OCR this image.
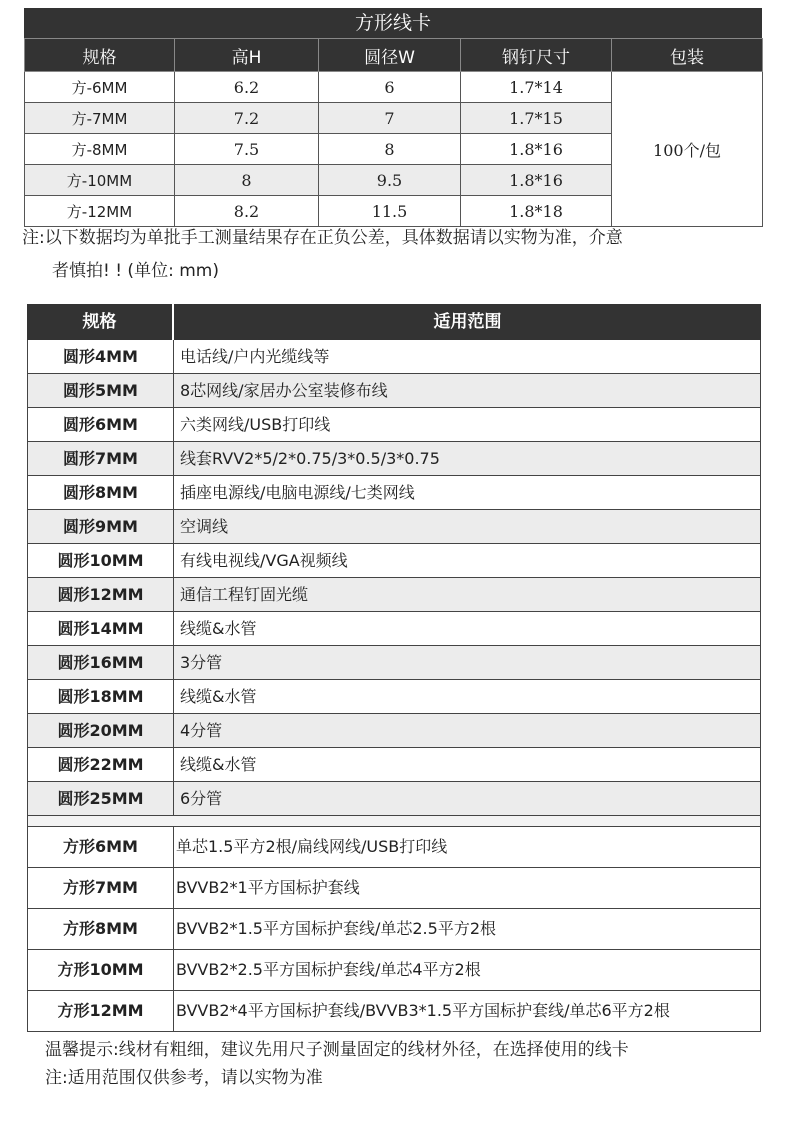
方形线卡
规格	高H	圆径W	钢钉尺寸	包装
方-6MM	6.2	6	1.7*14	100个/包
方-7MM	7.2	7	1.7*15	
方-8MM	7.5	8	1.8*16	
方-10MM	8	9.5	1.8*16	
方-12MM	8.2	11.5	1.8*18	
注:以下数据均为单批手工测量结果存在正负公差，具体数据请以实物为准，介意
者慎拍! ! (单位: mm)
规格	适用范围
圆形4MM	电话线/户内光缆线等
圆形5MM	8芯网线/家居办公室装修布线
圆形6MM	六类网线/USB打印线
圆形7MM	线套RVV2*5/2*0.75/3*0.5/3*0.75
圆形8MM	插座电源线/电脑电源线/七类网线
圆形9MM	空调线
圆形10MM	有线电视线/VGA视频线
圆形12MM	通信工程钉固光缆
圆形14MM	线缆&水管
圆形16MM	3分管
圆形18MM	线缆&水管
圆形20MM	4分管
圆形22MM	线缆&水管
圆形25MM	6分管
方形6MM	单芯1.5平方2根/扁线网线/USB打印线
方形7MM	BVVB2*1平方国标护套线
方形8MM	BVVB2*1.5平方国标护套线/单芯2.5平方2根
方形10MM	BVVB2*2.5平方国标护套线/单芯4平方2根
方形12MM	BVVB2*4平方国标护套线/BVVB3*1.5平方国标护套线/单芯6平方2根
温馨提示:线材有粗细，建议先用尺子测量固定的线材外径，在选择使用的线卡
注:适用范围仅供参考，请以实物为准
